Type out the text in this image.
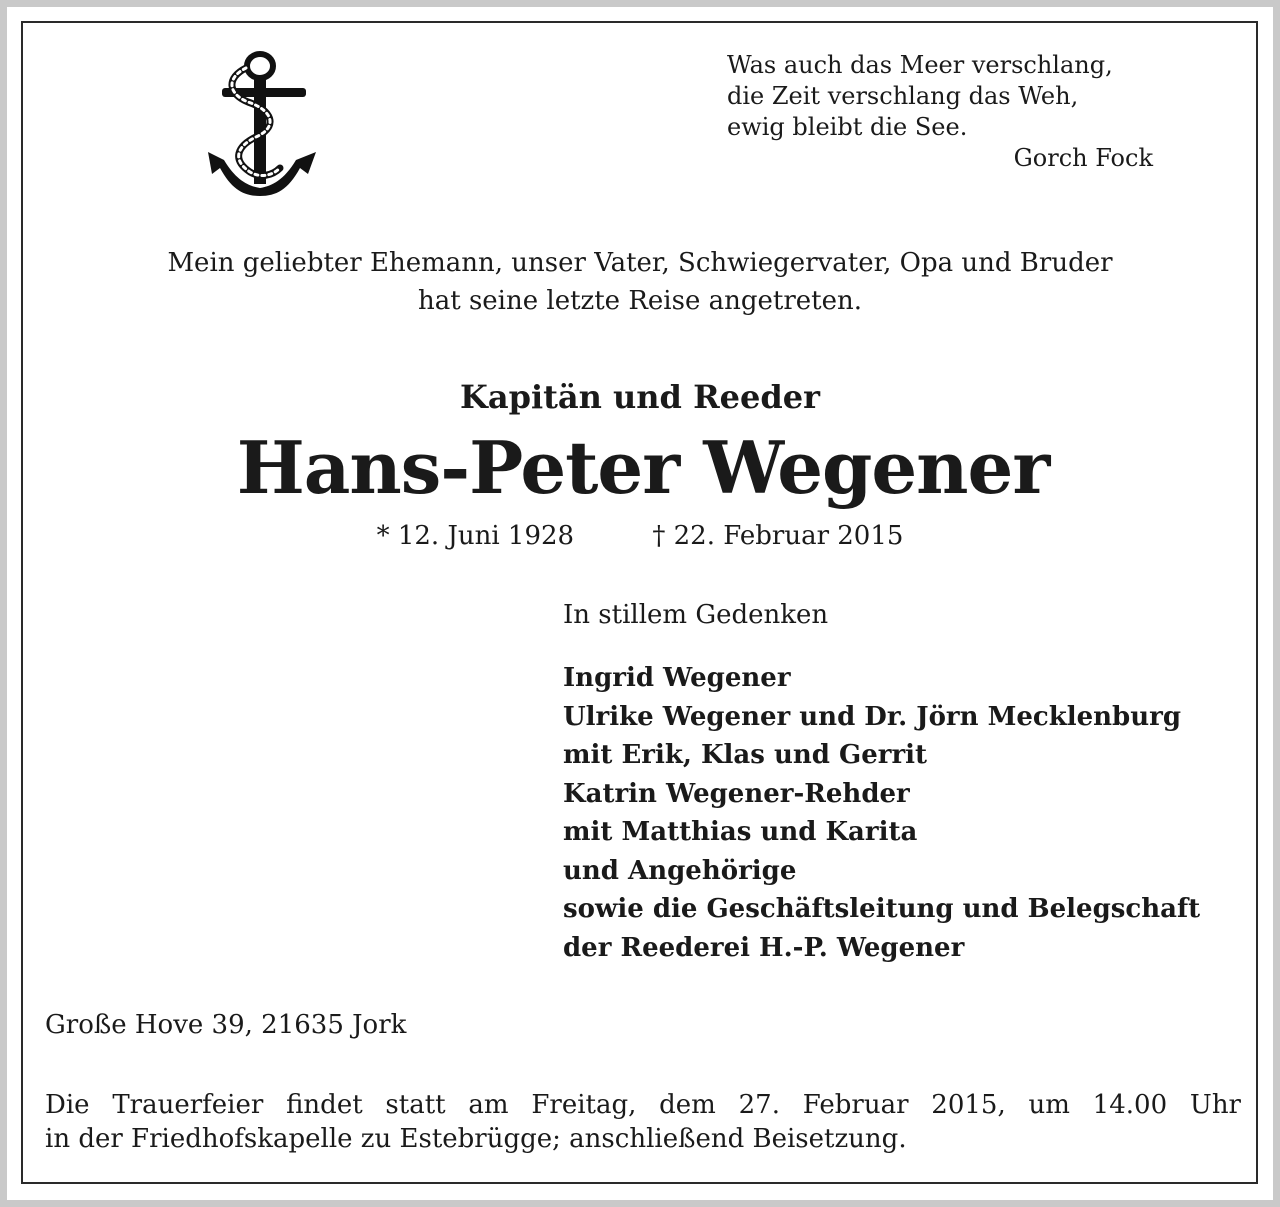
Was auch das Meer verschlang,
die Zeit verschlang das Weh,
ewig bleibt die See.
Gorch Fock
Mein geliebter Ehemann, unser Vater, Schwiegervater, Opa und Bruder
hat seine letzte Reise angetreten.
Kapitän und Reeder
Hans-Peter Wegener
* 12. Juni 1928	† 22. Februar 2015
In stillem Gedenken
Ingrid Wegener
Ulrike Wegener und Dr. Jörn Mecklenburg
mit Erik, Klas und Gerrit
Katrin Wegener-Rehder
mit Matthias und Karita
und Angehörige
sowie die Geschäftsleitung und Belegschaft
der Reederei H.-P. Wegener
Große Hove 39, 21635 Jork
Die Trauerfeier findet statt am Freitag, dem 27. Februar 2015, um 14.00 Uhr
in der Friedhofskapelle zu Estebrügge; anschließend Beisetzung.
